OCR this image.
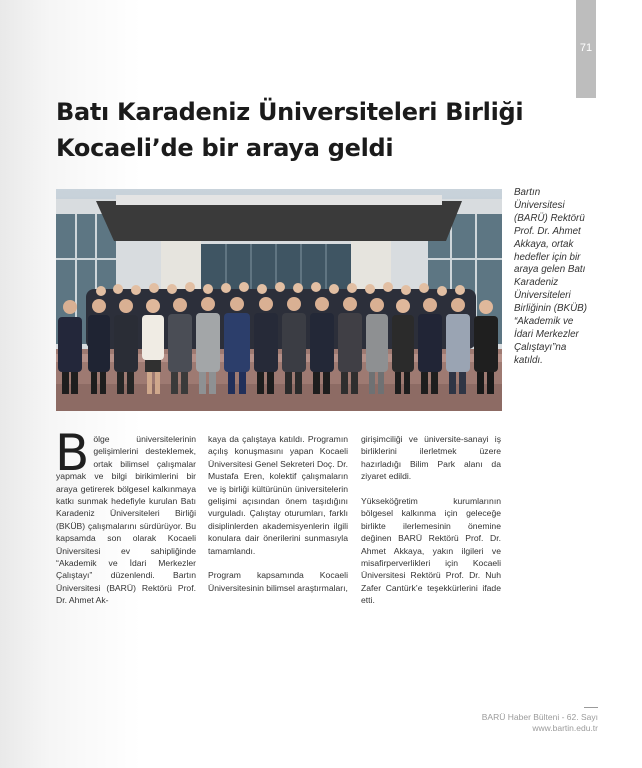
71
Batı Karadeniz Üniversiteleri Birliği
Kocaeli’de bir araya geldi
Bartın Üniversitesi (BARÜ) Rektörü Prof. Dr. Ahmet Akkaya, ortak hedefler için bir araya gelen Batı Karadeniz Üniversiteleri Birliğinin (BKÜB) “Akademik ve İdari Merkezler Çalıştayı”na katıldı.

Bölge üniversitelerinin gelişimlerini desteklemek, ortak bilimsel çalışmalar yapmak ve bilgi birikimlerini bir araya getirerek bölgesel kalkınmaya katkı sunmak hedefiyle kurulan Batı Karadeniz Üniversiteleri Birliği (BKÜB) çalışmalarını sürdürüyor. Bu kapsamda son olarak Kocaeli Üniversitesi ev sahipliğinde “Akademik ve İdari Merkezler Çalıştayı” düzenlendi. Bartın Üniversitesi (BARÜ) Rektörü Prof. Dr. Ahmet Ak-

kaya da çalıştaya katıldı. Programın açılış konuşmasını yapan Kocaeli Üniversitesi Genel Sekreteri Doç. Dr. Mustafa Eren, kolektif çalışmaların ve iş birliği kültürünün üniversitelerin gelişimi açısından önem taşıdığını vurguladı. Çalıştay oturumları, farklı disiplinlerden akademisyenlerin ilgili konulara dair önerilerini sunmasıyla tamamlandı.

Program kapsamında Kocaeli Üniversitesinin bilimsel araştırmaları,

girişimciliği ve üniversite-sanayi iş birliklerini ilerletmek üzere hazırladığı Bilim Park alanı da ziyaret edildi.

Yükseköğretim kurumlarının bölgesel kalkınma için geleceğe birlikte ilerlemesinin önemine değinen BARÜ Rektörü Prof. Dr. Ahmet Akkaya, yakın ilgileri ve misafirperverlikleri için Kocaeli Üniversitesi Rektörü Prof. Dr. Nuh Zafer Cantürk’e teşekkürlerini ifade etti.

BARÜ Haber Bülteni - 62. Sayı
www.bartin.edu.tr
